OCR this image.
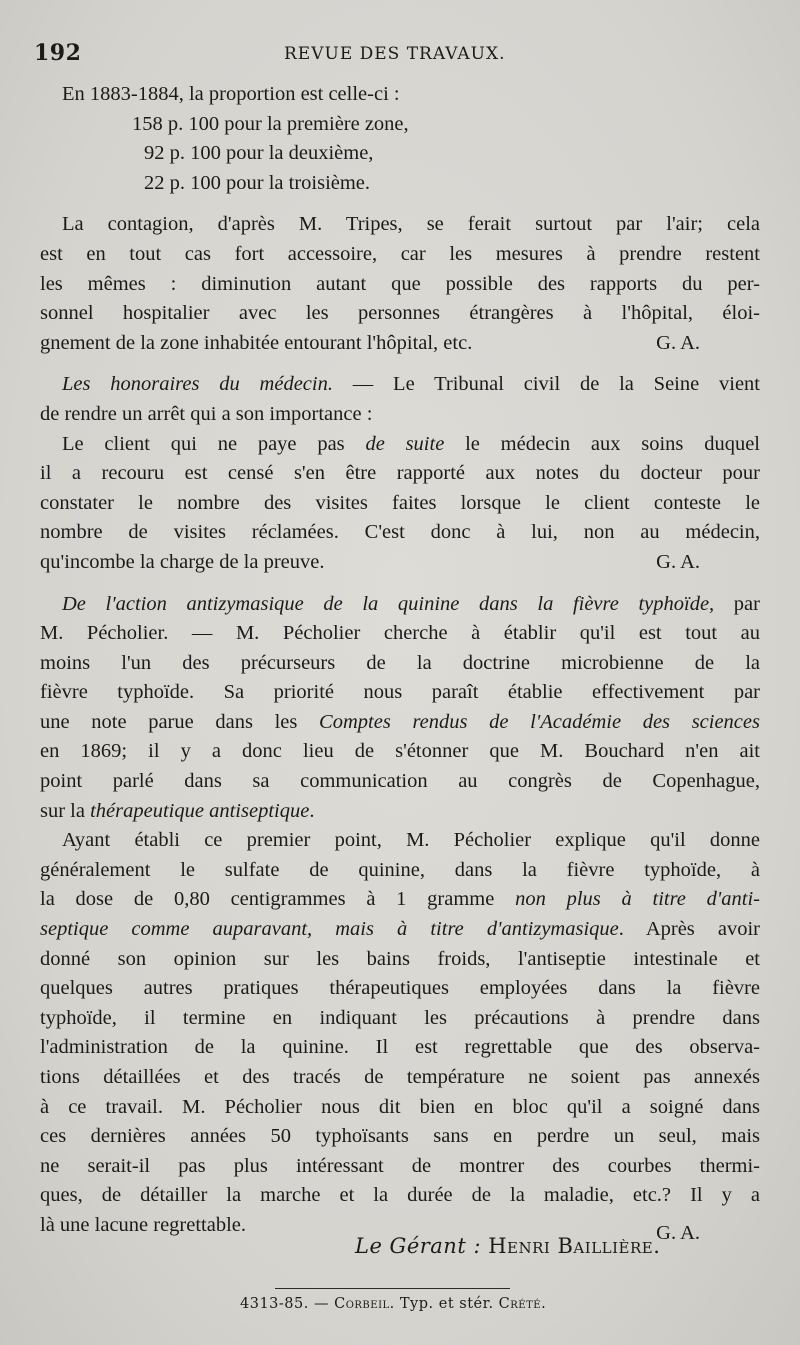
192	REVUE DES TRAVAUX.
En 1883-1884, la proportion est celle-ci :
158 p. 100 pour la première zone,
92 p. 100 pour la deuxième,
22 p. 100 pour la troisième.
La contagion, d'après M. Tripes, se ferait surtout par l'air; cela
est en tout cas fort accessoire, car les mesures à prendre restent
les mêmes : diminution autant que possible des rapports du per-
sonnel hospitalier avec les personnes étrangères à l'hôpital, éloi-
gnement de la zone inhabitée entourant l'hôpital, etc.	G. A.
Les honoraires du médecin. — Le Tribunal civil de la Seine vient
de rendre un arrêt qui a son importance :
Le client qui ne paye pas de suite le médecin aux soins duquel
il a recouru est censé s'en être rapporté aux notes du docteur pour
constater le nombre des visites faites lorsque le client conteste le
nombre de visites réclamées. C'est donc à lui, non au médecin,
qu'incombe la charge de la preuve.	G. A.
De l'action antizymasique de la quinine dans la fièvre typhoïde, par
M. Pécholier. — M. Pécholier cherche à établir qu'il est tout au
moins l'un des précurseurs de la doctrine microbienne de la
fièvre typhoïde. Sa priorité nous paraît établie effectivement par
une note parue dans les Comptes rendus de l'Académie des sciences
en 1869; il y a donc lieu de s'étonner que M. Bouchard n'en ait
point parlé dans sa communication au congrès de Copenhague,
sur la thérapeutique antiseptique.
Ayant établi ce premier point, M. Pécholier explique qu'il donne
généralement le sulfate de quinine, dans la fièvre typhoïde, à
la dose de 0,80 centigrammes à 1 gramme non plus à titre d'anti-
septique comme auparavant, mais à titre d'antizymasique. Après avoir
donné son opinion sur les bains froids, l'antiseptie intestinale et
quelques autres pratiques thérapeutiques employées dans la fièvre
typhoïde, il termine en indiquant les précautions à prendre dans
l'administration de la quinine. Il est regrettable que des observa-
tions détaillées et des tracés de température ne soient pas annexés
à ce travail. M. Pécholier nous dit bien en bloc qu'il a soigné dans
ces dernières années 50 typhoïsants sans en perdre un seul, mais
ne serait-il pas plus intéressant de montrer des courbes thermi-
ques, de détailler la marche et la durée de la maladie, etc.? Il y a
là une lacune regrettable.	G. A.
Le Gérant : Henri Baillière.
4313-85. — Corbeil. Typ. et stér. Crété.
